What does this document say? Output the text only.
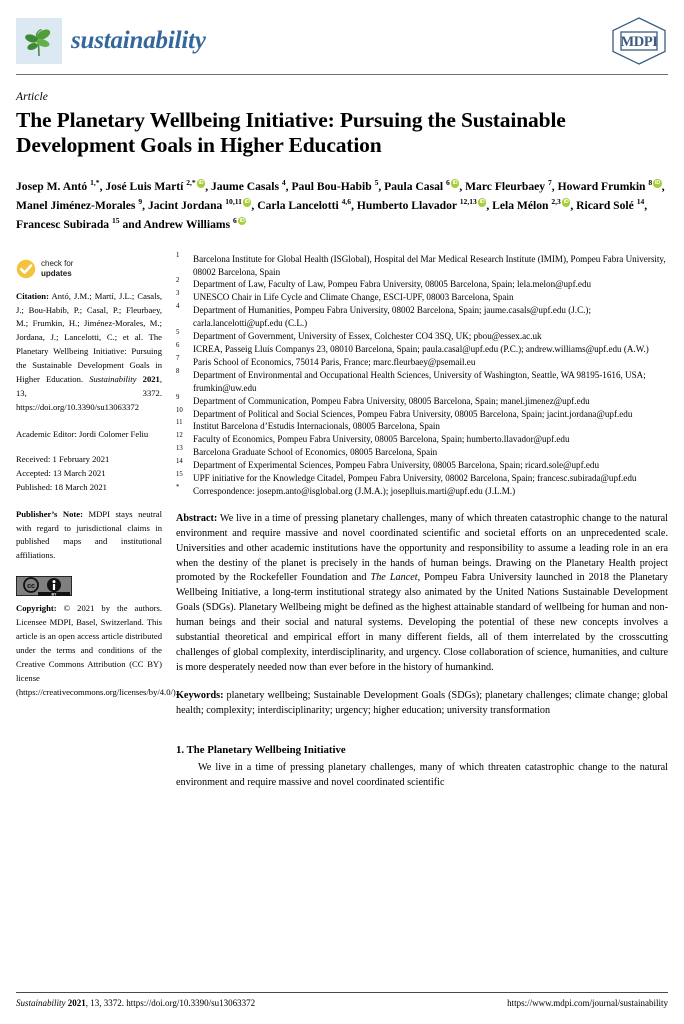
sustainability	MDPI
Article
The Planetary Wellbeing Initiative: Pursuing the Sustainable Development Goals in Higher Education
Josep M. Antó $^{1,*}$, José Luis Martí $^{2,*}$ iD , Jaume Casals $^4$, Paul Bou-Habib $^5$, Paula Casal $^6$ iD , Marc Fleurbaey $^7$, Howard Frumkin $^8$ iD , Manel Jiménez-Morales $^9$, Jacint Jordana $^{10,11}$ iD , Carla Lancelotti $^{4,6}$, Humberto Llavador $^{12,13}$ iD , Lela Mélon $^{2,3}$ iD , Ricard Solé $^{14}$, Francesc Subirada $^{15}$ and Andrew Williams $^6$iD
check for
updates
Citation: Antó, J.M.; Martí, J.L.; Casals, J.; Bou-Habib, P.; Casal, P.; Fleurbaey, M.; Frumkin, H.; Jiménez-Morales, M.; Jordana, J.; Lancelotti, C.; et al. The Planetary Wellbeing Initiative: Pursuing the Sustainable Development Goals in Higher Education. Sustainability 2021, 13, 3372. https://doi.org/10.3390/su13063372
Academic Editor: Jordi Colomer Feliu
Received: 1 February 2021
Accepted: 13 March 2021
Published: 18 March 2021
Publisher’s Note: MDPI stays neutral with regard to jurisdictional claims in published maps and institutional affiliations.
cc
BY
Copyright: © 2021 by the authors. Licensee MDPI, Basel, Switzerland. This article is an open access article distributed under the terms and conditions of the Creative Commons Attribution (CC BY) license (https://creativecommons.org/licenses/by/4.0/).
1	Barcelona Institute for Global Health (ISGlobal), Hospital del Mar Medical Research Institute (IMIM), Pompeu Fabra University, 08002 Barcelona, Spain
2	Department of Law, Faculty of Law, Pompeu Fabra University, 08005 Barcelona, Spain; lela.melon@upf.edu
3	UNESCO Chair in Life Cycle and Climate Change, ESCI-UPF, 08003 Barcelona, Spain
4	Department of Humanities, Pompeu Fabra University, 08002 Barcelona, Spain; jaume.casals@upf.edu (J.C.); carla.lancelotti@upf.edu (C.L.)
5	Department of Government, University of Essex, Colchester CO4 3SQ, UK; pbou@essex.ac.uk
6	ICREA, Passeig Lluís Companys 23, 08010 Barcelona, Spain; paula.casal@upf.edu (P.C.); andrew.williams@upf.edu (A.W.)
7	Paris School of Economics, 75014 Paris, France; marc.fleurbaey@psemail.eu
8	Department of Environmental and Occupational Health Sciences, University of Washington, Seattle, WA 98195-1616, USA; frumkin@uw.edu
9	Department of Communication, Pompeu Fabra University, 08005 Barcelona, Spain; manel.jimenez@upf.edu
10	Department of Political and Social Sciences, Pompeu Fabra University, 08005 Barcelona, Spain; jacint.jordana@upf.edu
11	Institut Barcelona d’Estudis Internacionals, 08005 Barcelona, Spain
12	Faculty of Economics, Pompeu Fabra University, 08005 Barcelona, Spain; humberto.llavador@upf.edu
13	Barcelona Graduate School of Economics, 08005 Barcelona, Spain
14	Department of Experimental Sciences, Pompeu Fabra University, 08005 Barcelona, Spain; ricard.sole@upf.edu
15	UPF initiative for the Knowledge Citadel, Pompeu Fabra University, 08002 Barcelona, Spain; francesc.subirada@upf.edu
*	Correspondence: josepm.anto@isglobal.org (J.M.A.); joseplluis.marti@upf.edu (J.L.M.)
Abstract: We live in a time of pressing planetary challenges, many of which threaten catastrophic change to the natural environment and require massive and novel coordinated scientific and societal efforts on an unprecedented scale. Universities and other academic institutions have the opportunity and responsibility to assume a leading role in an era when the destiny of the planet is precisely in the hands of human beings. Drawing on the Planetary Health project promoted by the Rockefeller Foundation and The Lancet, Pompeu Fabra University launched in 2018 the Planetary Wellbeing Initiative, a long-term institutional strategy also animated by the United Nations Sustainable Development Goals (SDGs). Planetary Wellbeing might be defined as the highest attainable standard of wellbeing for human and non-human beings and their social and natural systems. Developing the potential of these new concepts involves a substantial theoretical and empirical effort in many different fields, all of them interrelated by the crosscutting challenges of global complexity, interdisciplinarity, and urgency. Close collaboration of science, humanities, and culture is more desperately needed now than ever before in the history of humankind.
Keywords: planetary wellbeing; Sustainable Development Goals (SDGs); planetary challenges; climate change; global health; complexity; interdisciplinarity; urgency; higher education; university transformation
1. The Planetary Wellbeing Initiative

We live in a time of pressing planetary challenges, many of which threaten catastrophic change to the natural environment and require massive and novel coordinated scientific

Sustainability 2021, 13, 3372. https://doi.org/10.3390/su13063372	https://www.mdpi.com/journal/sustainability
